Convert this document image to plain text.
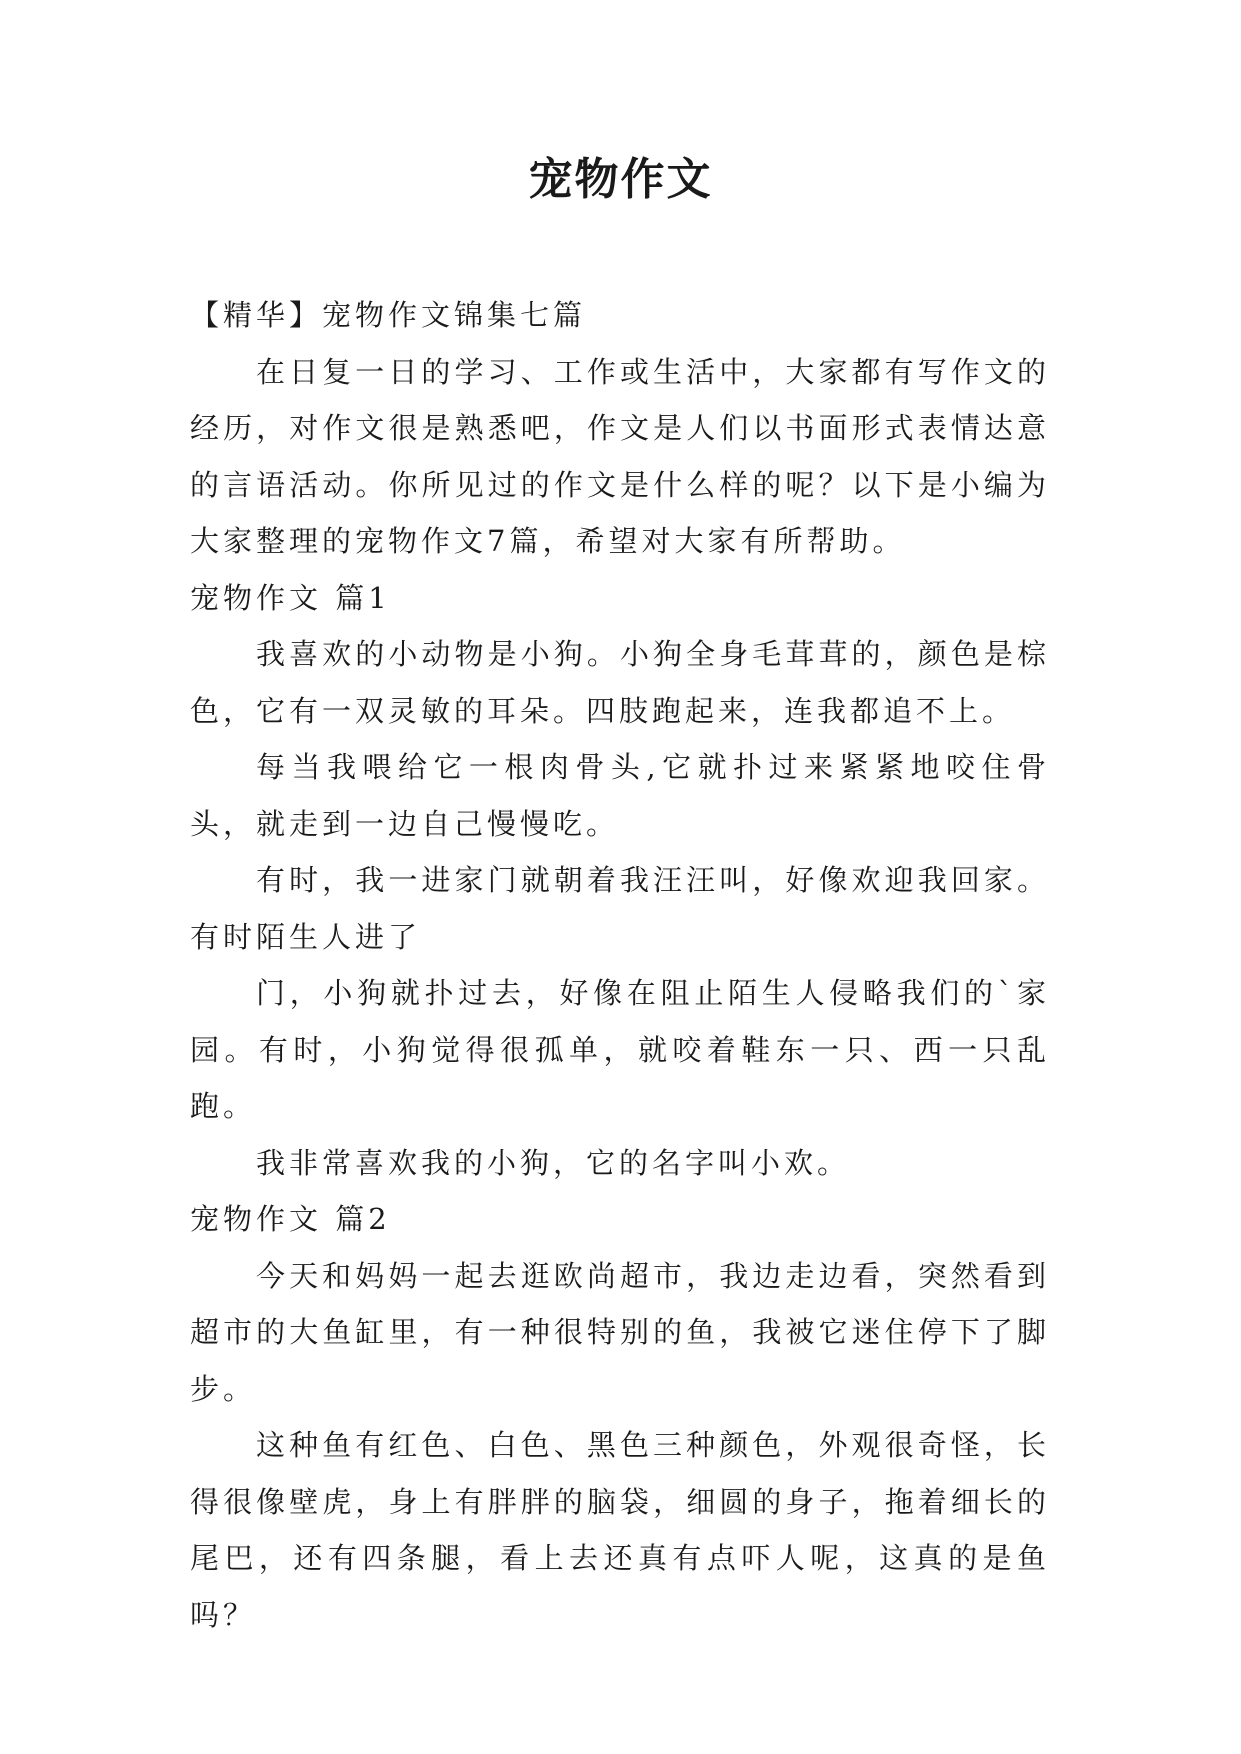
宠物作文

【精华】宠物作文锦集七篇

在日复一日的学习、工作或生活中，大家都有写作文的经历，对作文很是熟悉吧，作文是人们以书面形式表情达意的言语活动。你所见过的作文是什么样的呢？以下是小编为大家整理的宠物作文7篇，希望对大家有所帮助。

宠物作文 篇1

我喜欢的小动物是小狗。小狗全身毛茸茸的，颜色是棕色，它有一双灵敏的耳朵。四肢跑起来，连我都追不上。

每当我喂给它一根肉骨头,它就扑过来紧紧地咬住骨头，就走到一边自己慢慢吃。

有时，我一进家门就朝着我汪汪叫，好像欢迎我回家。有时陌生人进了

门，小狗就扑过去，好像在阻止陌生人侵略我们的`家园。有时，小狗觉得很孤单，就咬着鞋东一只、西一只乱跑。

我非常喜欢我的小狗，它的名字叫小欢。

宠物作文 篇2

今天和妈妈一起去逛欧尚超市，我边走边看，突然看到超市的大鱼缸里，有一种很特别的鱼，我被它迷住停下了脚步。

这种鱼有红色、白色、黑色三种颜色，外观很奇怪，长得很像壁虎，身上有胖胖的脑袋，细圆的身子，拖着细长的尾巴，还有四条腿，看上去还真有点吓人呢，这真的是鱼吗？
